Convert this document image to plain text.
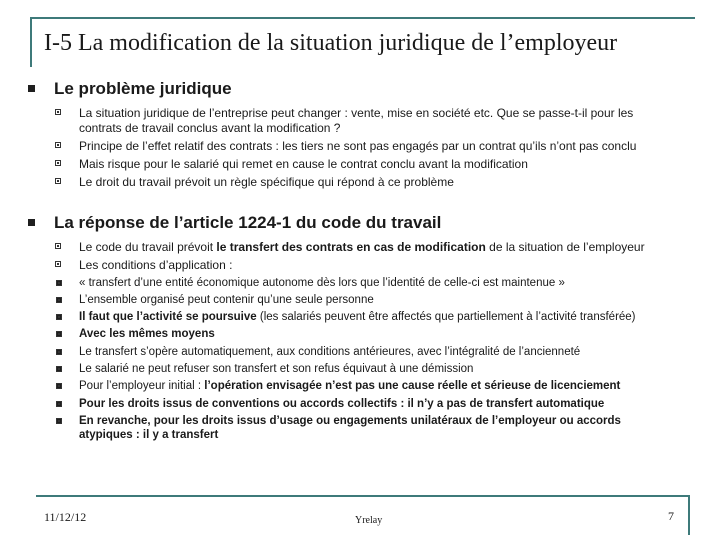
I-5 La modification de la situation juridique de l’employeur
Le problème juridique
La situation juridique de l’entreprise peut changer : vente, mise en société etc. Que se passe-t-il pour les contrats de travail conclus avant la modification ?
Principe de l’effet relatif des contrats : les tiers ne sont pas engagés par un contrat qu’ils n’ont pas conclu
Mais risque pour le salarié qui remet en cause le contrat conclu avant la modification
Le droit du travail prévoit un règle spécifique qui répond à ce problème
La réponse de l’article 1224-1 du code du travail
Le code du travail prévoit le transfert des contrats en cas de modification de la situation de l’employeur
Les conditions d’application :
« transfert d’une entité économique autonome dès lors que l’identité de celle-ci est maintenue »
L’ensemble organisé peut contenir qu’une seule personne
Il faut que l’activité se poursuive (les salariés peuvent être affectés que partiellement à l’activité transférée)
Avec les mêmes moyens
Le transfert s’opère automatiquement, aux conditions antérieures, avec l’intégralité de l’ancienneté
Le salarié ne peut refuser son transfert et son refus équivaut à une démission
Pour l’employeur initial : l’opération envisagée n’est pas une cause réelle et sérieuse de licenciement
Pour les droits issus de conventions ou accords collectifs : il n’y a pas de transfert automatique
En revanche, pour les droits issus d’usage ou engagements unilatéraux de l’employeur ou accords atypiques : il y a transfert
11/12/12	Yrelay	7
